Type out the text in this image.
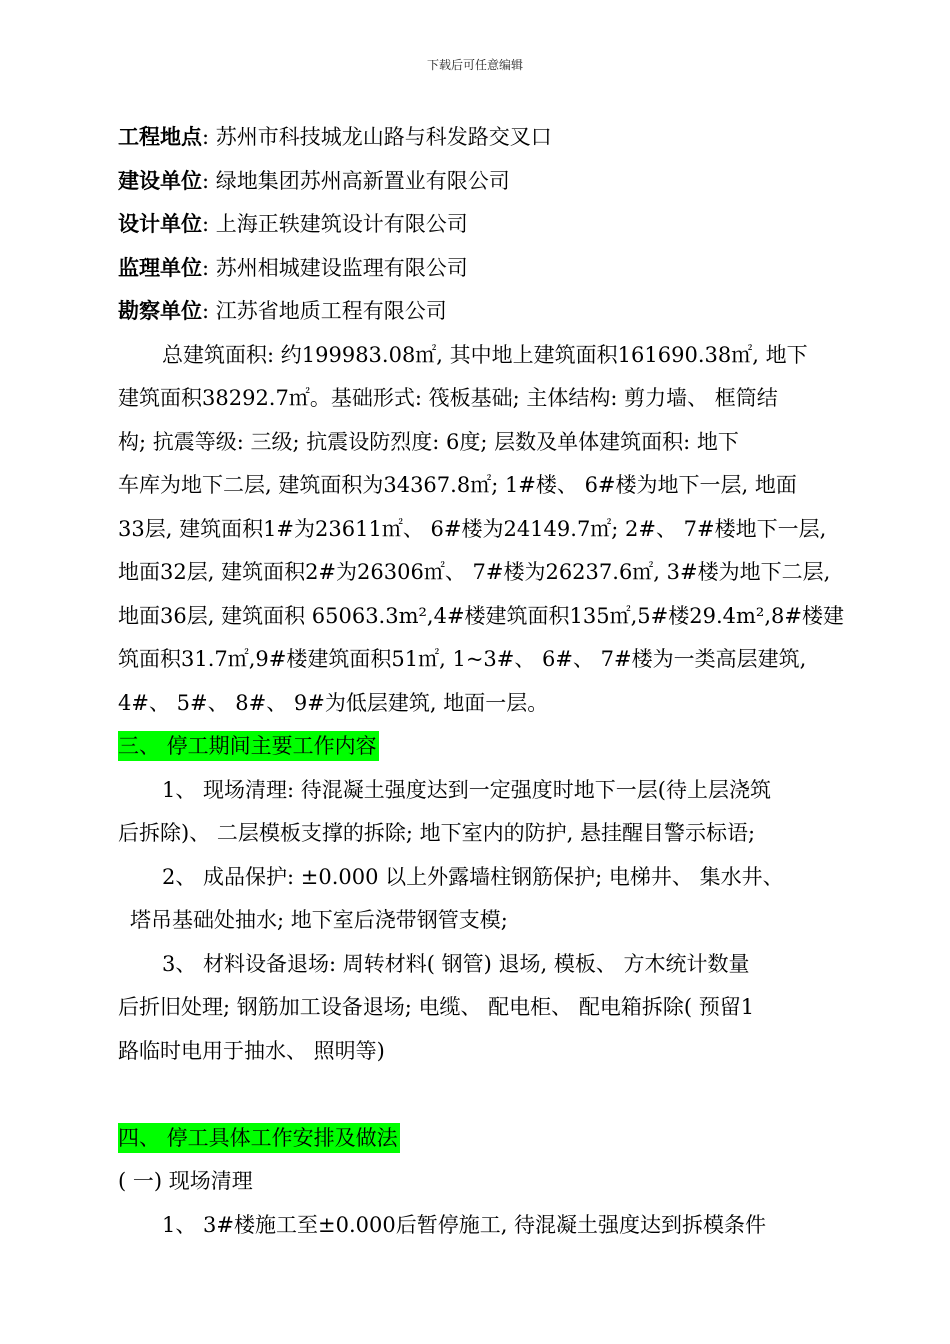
下载后可任意编辑
工程地点: 苏州市科技城龙山路与科发路交叉口
建设单位: 绿地集团苏州高新置业有限公司
设计单位: 上海正轶建筑设计有限公司
监理单位: 苏州相城建设监理有限公司
勘察单位: 江苏省地质工程有限公司
总建筑面积: 约199983.08㎡, 其中地上建筑面积161690.38㎡, 地下
建筑面积38292.7㎡。基础形式: 筏板基础; 主体结构: 剪力墙、 框筒结
构; 抗震等级: 三级; 抗震设防烈度: 6度; 层数及单体建筑面积: 地下
车库为地下二层, 建筑面积为34367.8㎡; 1#楼、 6#楼为地下一层, 地面
33层, 建筑面积1#为23611㎡、 6#楼为24149.7㎡; 2#、 7#楼地下一层,
地面32层, 建筑面积2#为26306㎡、 7#楼为26237.6㎡, 3#楼为地下二层,
地面36层, 建筑面积 65063.3m²,4#楼建筑面积135㎡,5#楼29.4m²,8#楼建
筑面积31.7㎡,9#楼建筑面积51㎡, 1~3#、 6#、 7#楼为一类高层建筑,
4#、 5#、 8#、 9#为低层建筑, 地面一层。
三、 停工期间主要工作内容
1、 现场清理: 待混凝土强度达到一定强度时地下一层(待上层浇筑
后拆除)、 二层模板支撑的拆除; 地下室内的防护, 悬挂醒目警示标语;
2、 成品保护: ±0.000 以上外露墙柱钢筋保护; 电梯井、 集水井、
塔吊基础处抽水; 地下室后浇带钢管支模;
3、 材料设备退场: 周转材料( 钢管) 退场, 模板、 方木统计数量
后折旧处理; 钢筋加工设备退场; 电缆、 配电柜、 配电箱拆除( 预留1
路临时电用于抽水、 照明等)
四、 停工具体工作安排及做法
( 一) 现场清理
1、 3#楼施工至±0.000后暂停施工, 待混凝土强度达到拆模条件
